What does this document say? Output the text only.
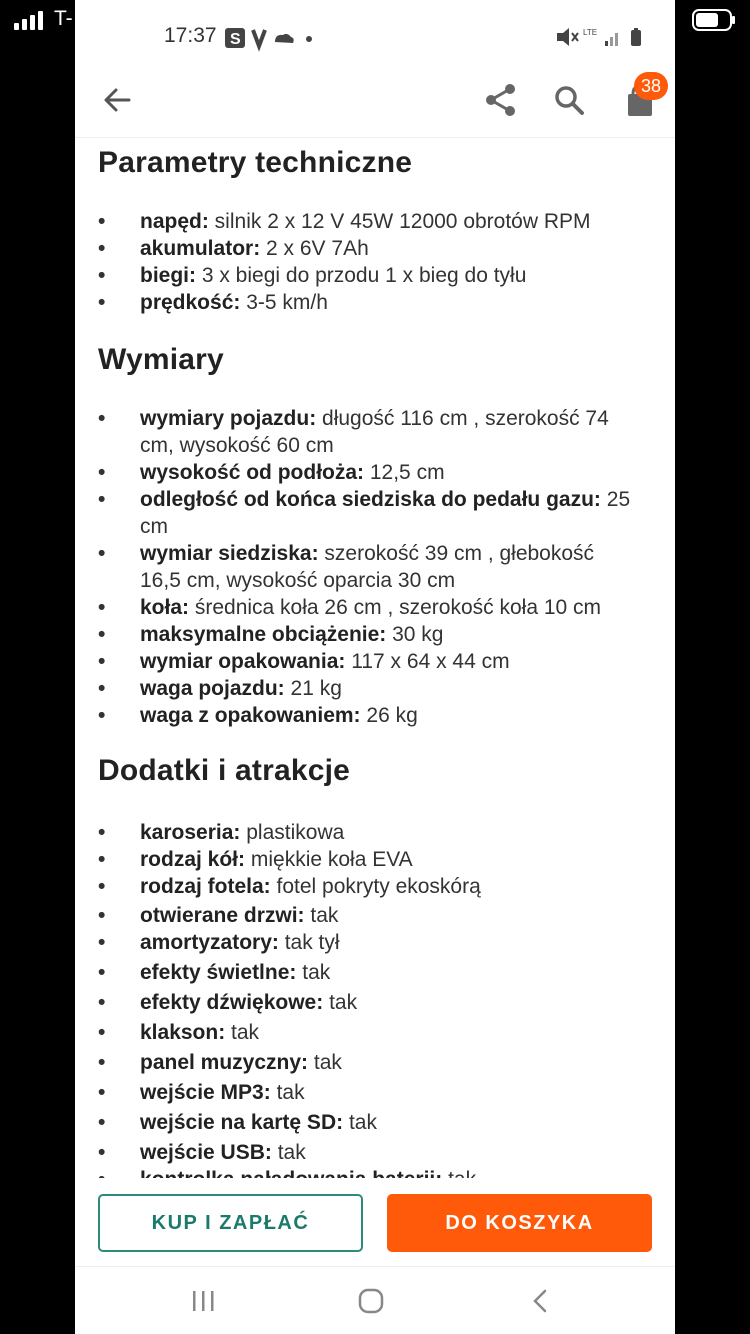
T-
17:37 S	LTE
38
Parametry techniczne
• napęd: silnik 2 x 12 V 45W 12000 obrotów RPM
• akumulator: 2 x 6V 7Ah
• biegi: 3 x biegi do przodu 1 x bieg do tyłu
• prędkość: 3-5 km/h
Wymiary
• wymiary pojazdu: długość 116 cm , szerokość 74 cm, wysokość 60 cm
• wysokość od podłoża: 12,5 cm
• odległość od końca siedziska do pedału gazu: 25 cm
• wymiar siedziska: szerokość 39 cm , głebokość 16,5 cm, wysokość oparcia 30 cm
• koła: średnica koła 26 cm , szerokość koła 10 cm
• maksymalne obciążenie: 30 kg
• wymiar opakowania: 117 x 64 x 44 cm
• waga pojazdu: 21 kg
• waga z opakowaniem: 26 kg
Dodatki i atrakcje
• karoseria: plastikowa
• rodzaj kół: miękkie koła EVA
• rodzaj fotela: fotel pokryty ekoskórą
• otwierane drzwi: tak
• amortyzatory: tak tył
• efekty świetlne: tak
• efekty dźwiękowe: tak
• klakson: tak
• panel muzyczny: tak
• wejście MP3: tak
• wejście na kartę SD: tak
• wejście USB: tak
KUP I ZAPŁAĆ	DO KOSZYKA
